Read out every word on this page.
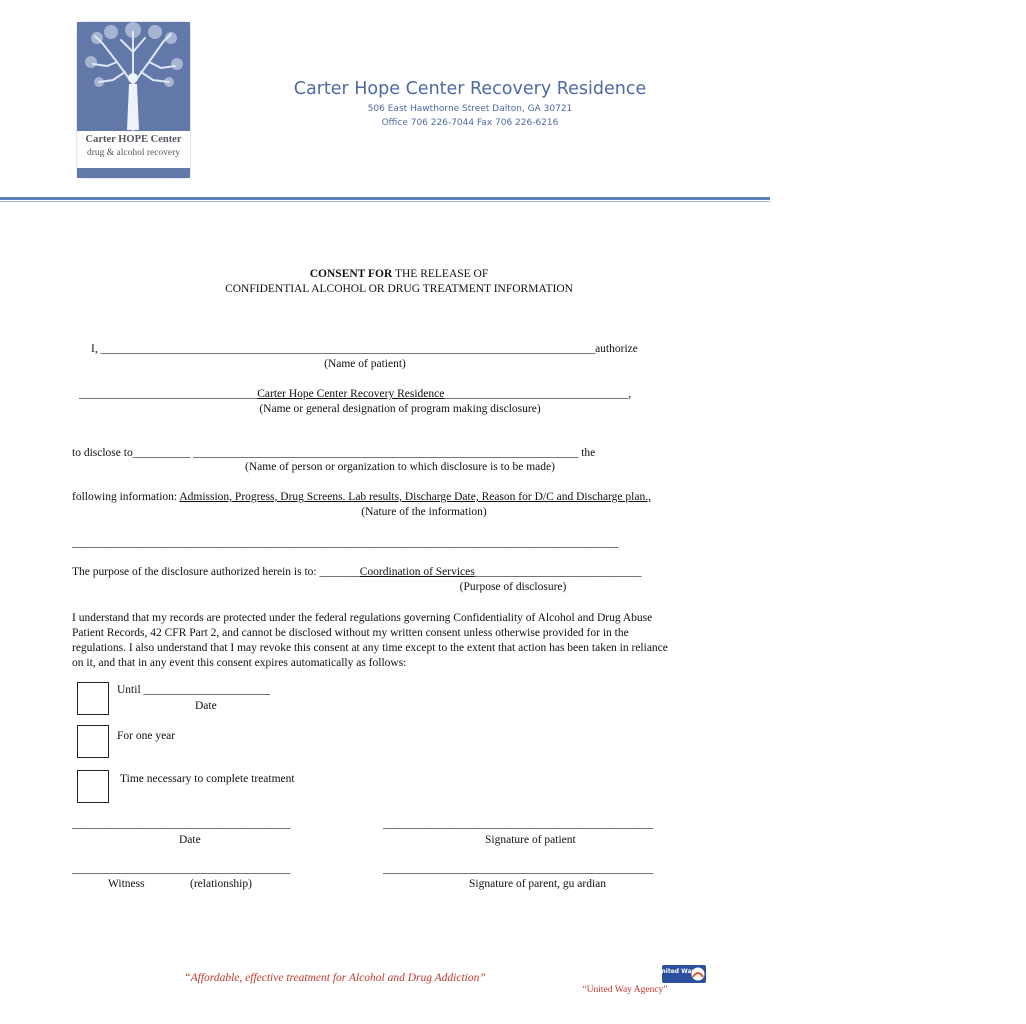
Carter HOPE Center
drug & alcohol recovery
Carter Hope Center Recovery Residence
506 East Hawthorne Street Dalton, GA 30721
Office 706 226-7044 Fax 706 226-6216
CONSENT FOR THE RELEASE OF
CONFIDENTIAL ALCOHOL OR DRUG TREATMENT INFORMATION
I, ______________________________________________________________________________________authorize
(Name of patient)
_______________________________Carter Hope Center Recovery Residence________________________________,
(Name or general designation of program making disclosure)
to disclose to__________ ___________________________________________________________________ the
(Name of person or organization to which disclosure is to be made)
following information: Admission, Progress, Drug Screens. Lab results, Discharge Date, Reason for D/C and Discharge plan.,
(Nature of the information)
_______________________________________________________________________________________________
The purpose of the disclosure authorized herein is to: _______Coordination of Services_____________________________
(Purpose of disclosure)
I understand that my records are protected under the federal regulations governing Confidentiality of Alcohol and Drug Abuse
Patient Records, 42 CFR Part 2, and cannot be disclosed without my written consent unless otherwise provided for in the
regulations. I also understand that I may revoke this consent at any time except to the extent that action has been taken in reliance
on it, and that in any event this consent expires automatically as follows:
Until ______________________
Date
For one year
Time necessary to complete treatment
______________________________________	_______________________________________________
Date	Signature of patient
______________________________________	_______________________________________________
Witness	(relationship)	Signature of parent, gu ardian
“Affordable, effective treatment for Alcohol and Drug Addiction”
United Way
“United Way Agency”
